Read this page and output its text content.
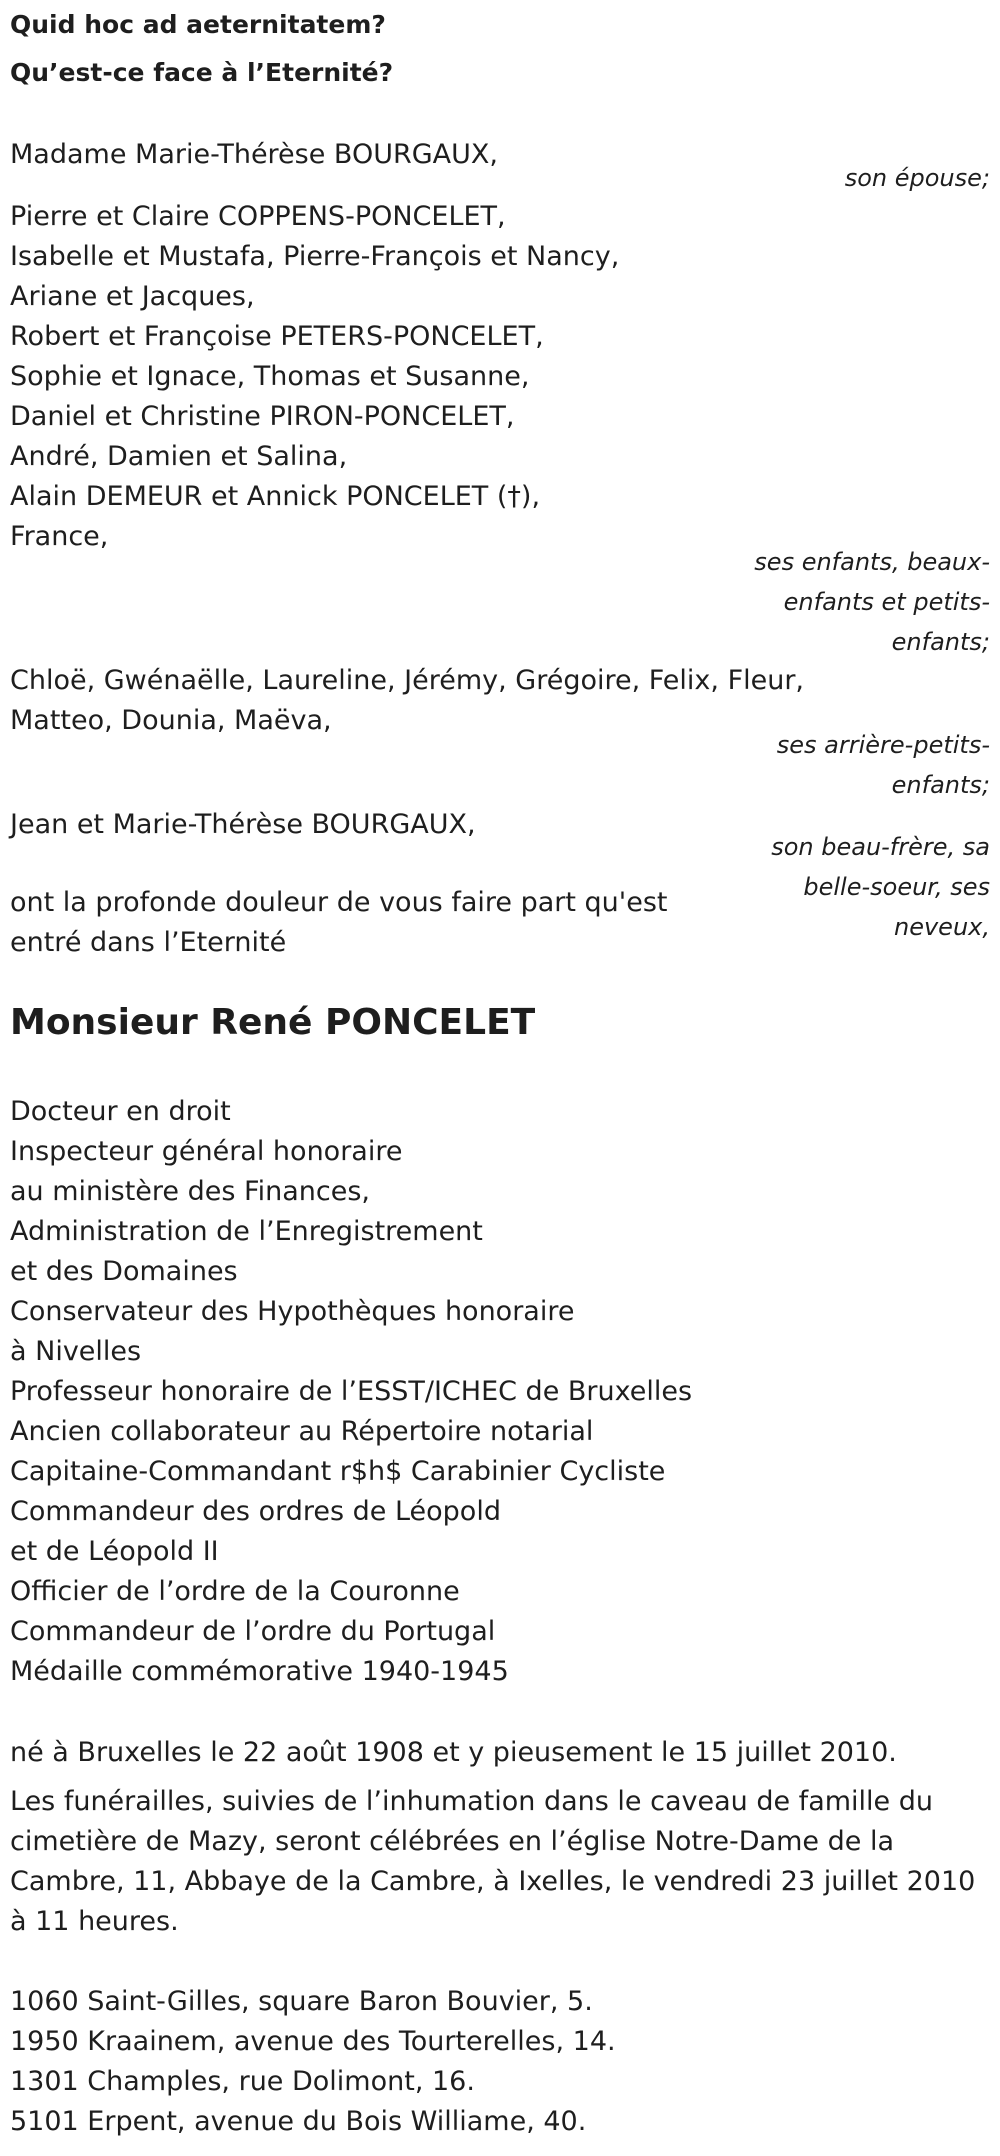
Quid hoc ad aeternitatem?
Qu’est-ce face à l’Eternité?
Madame Marie-Thérèse BOURGAUX,
son épouse;
Pierre et Claire COPPENS-PONCELET,
Isabelle et Mustafa, Pierre-François et Nancy,
Ariane et Jacques,
Robert et Françoise PETERS-PONCELET,
Sophie et Ignace, Thomas et Susanne,
Daniel et Christine PIRON-PONCELET,
André, Damien et Salina,
Alain DEMEUR et Annick PONCELET (†),
France,
ses enfants, beaux-
enfants et petits-
enfants;
Chloë, Gwénaëlle, Laureline, Jérémy, Grégoire, Felix, Fleur,
Matteo, Dounia, Maëva,
ses arrière-petits-
enfants;
Jean et Marie-Thérèse BOURGAUX,
son beau-frère, sa
belle-soeur, ses
neveux,
ont la profonde douleur de vous faire part qu'est
entré dans l’Eternité
Monsieur René PONCELET
Docteur en droit
Inspecteur général honoraire
au ministère des Finances,
Administration de l’Enregistrement
et des Domaines
Conservateur des Hypothèques honoraire
à Nivelles
Professeur honoraire de l’ESST/ICHEC de Bruxelles
Ancien collaborateur au Répertoire notarial
Capitaine-Commandant r$h$ Carabinier Cycliste
Commandeur des ordres de Léopold
et de Léopold II
Officier de l’ordre de la Couronne
Commandeur de l’ordre du Portugal
Médaille commémorative 1940-1945
né à Bruxelles le 22 août 1908 et y pieusement le 15 juillet 2010.
Les funérailles, suivies de l’inhumation dans le caveau de famille du cimetière de Mazy, seront célébrées en l’église Notre-Dame de la Cambre, 11, Abbaye de la Cambre, à Ixelles, le vendredi 23 juillet 2010 à 11 heures.
1060 Saint-Gilles, square Baron Bouvier, 5.
1950 Kraainem, avenue des Tourterelles, 14.
1301 Champles, rue Dolimont, 16.
5101 Erpent, avenue du Bois Williame, 40.
